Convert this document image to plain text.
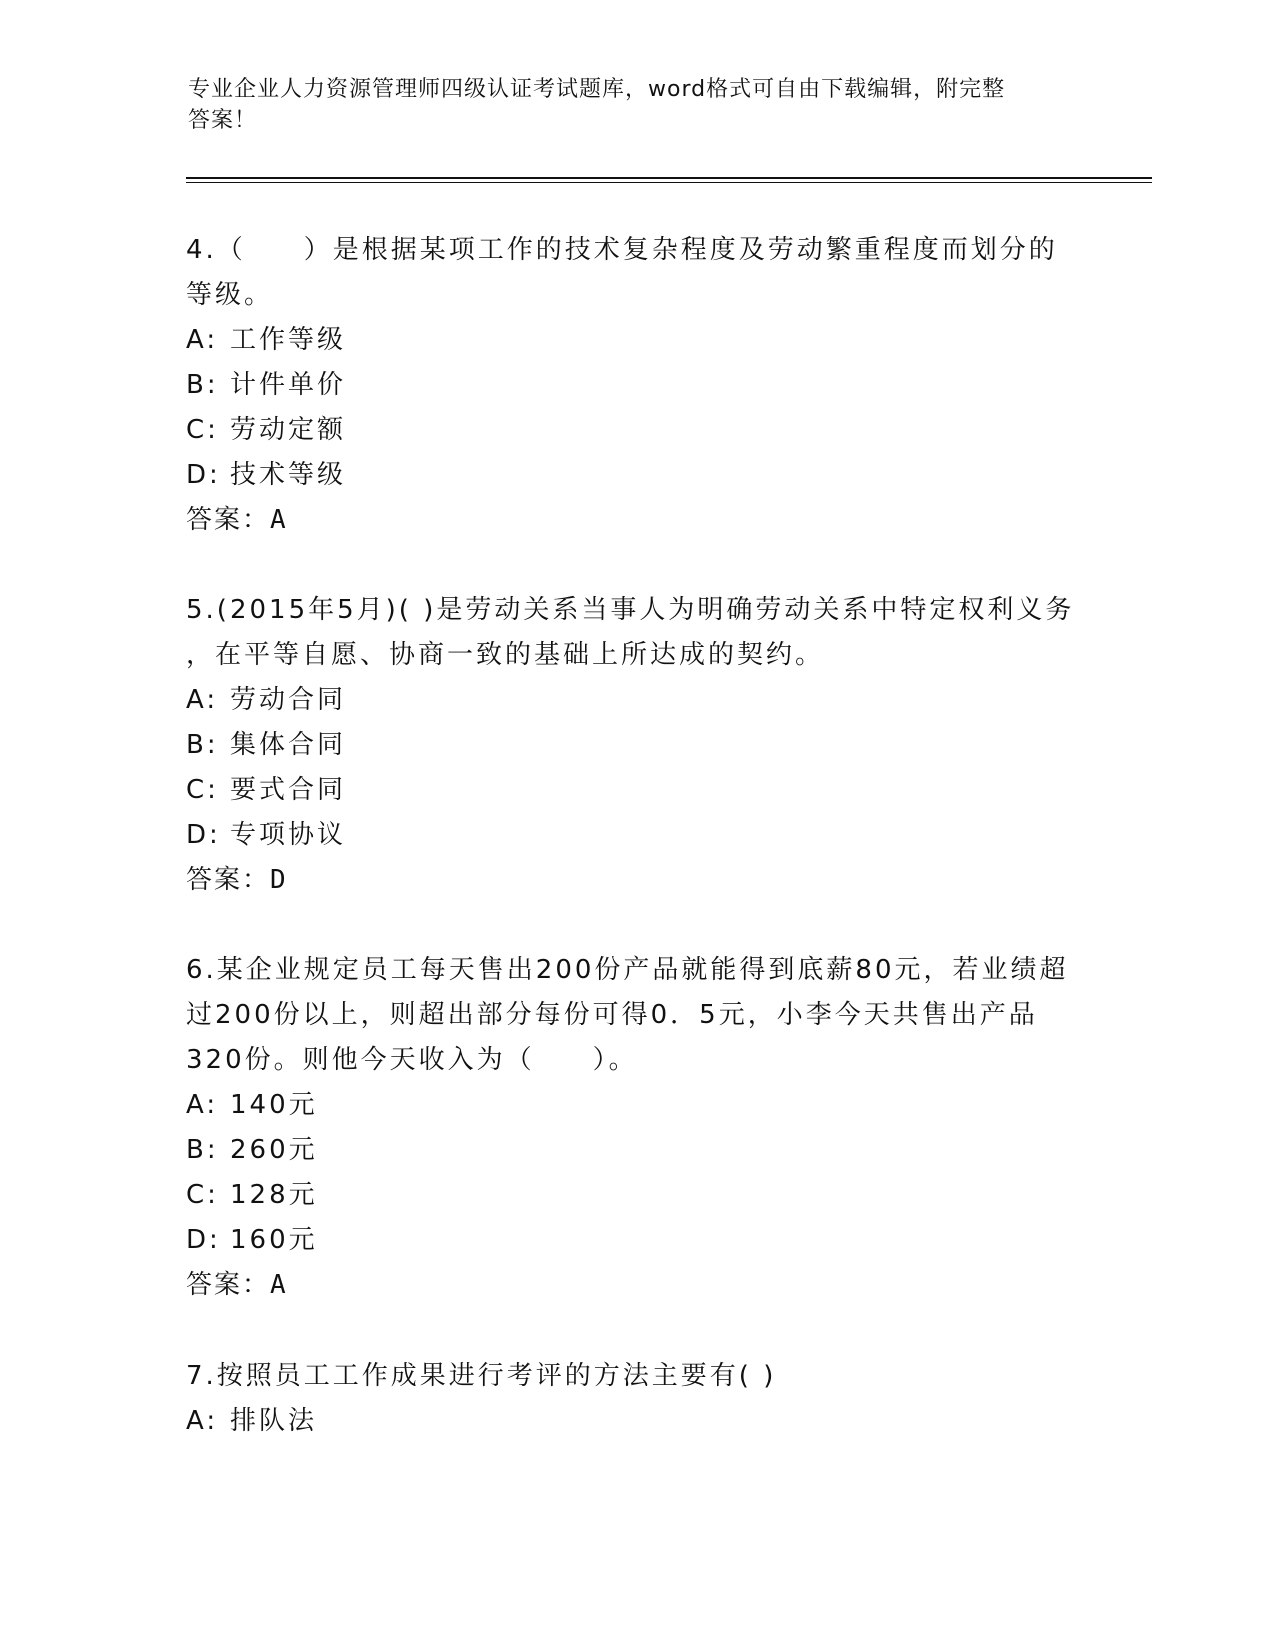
专业企业人力资源管理师四级认证考试题库，word格式可自由下载编辑，附完整
答案！
4.（　　）是根据某项工作的技术复杂程度及劳动繁重程度而划分的
等级。
A: 工作等级
B: 计件单价
C: 劳动定额
D: 技术等级
答案： A
5.(2015年5月)( )是劳动关系当事人为明确劳动关系中特定权利义务
，在平等自愿、协商一致的基础上所达成的契约。
A: 劳动合同
B: 集体合同
C: 要式合同
D: 专项协议
答案： D
6.某企业规定员工每天售出200份产品就能得到底薪80元，若业绩超
过200份以上，则超出部分每份可得0．5元，小李今天共售出产品
320份。则他今天收入为（　　）。
A: 140元
B: 260元
C: 128元
D: 160元
答案： A
7.按照员工工作成果进行考评的方法主要有( )
A: 排队法
